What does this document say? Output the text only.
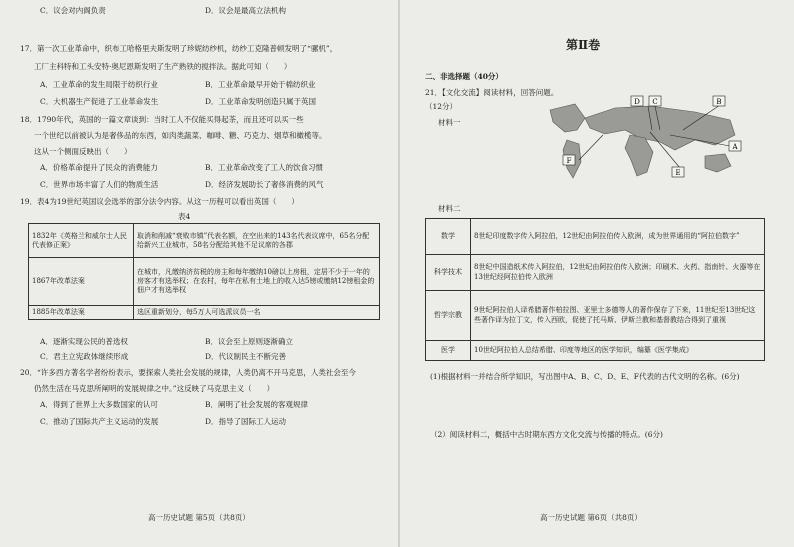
C．议会对内阁负责	D．议会是最高立法机构
17．第一次工业革命中，织布工哈格里夫斯发明了珍妮纺纱机，纺纱工克隆普顿发明了“骡机”，
工厂主科特和工头安特·奥尼恩斯发明了生产熟铁的搅拌法。据此可知（　　）
A．工业革命的发生局限于纺织行业	B．工业革命最早开始于棉纺织业
C．大机器生产促进了工业革命发生	D．工业革命发明创造只属于英国
18．1790年代，英国的一篇文章谈到：当时工人不仅能买得起茶，而且还可以买一些
一个世纪以前被认为是奢侈品的东西，如肉类蔬菜、咖啡、糖、巧克力、烟草和橄榄等。
这从一个侧面反映出（　　）
A．价格革命提升了民众的消费能力	B．工业革命改变了工人的饮食习惯
C．世界市场丰富了人们的物质生活	D．经济发展助长了奢侈消费的风气
19．表4为19世纪英国议会选举的部分法令内容。从这一历程可以看出英国（　　）
表4
1832年《英格兰和威尔士人民代表修正案》	取消和削减“衰败市镇”代表名额，在空出来的143名代表议席中，65名分配给新兴工业城市，58名分配给其他不足议席的各郡
1867年改革法案	在城市，凡缴纳济贫税的房主和每年缴纳10磅以上房租，定居不少于一年的房客才有选举权；在农村，每年在私有土地上的收入达5镑或缴纳12镑租金的佃户才有选举权
1885年改革法案	选区重新划分，每5万人可选派议员一名
A．逐渐实现公民的普选权	B．议会至上原则逐渐确立
C．君主立宪政体继续形成	D．代议制民主不断完善
20．“许多西方著名学者纷纷表示，要探索人类社会发展的规律，人类仍离不开马克思，人类社会至今
仍然生活在马克思所阐明的发展规律之中。”这反映了马克思主义（　　）
A．得到了世界上大多数国家的认可	B．阐明了社会发展的客观规律
C．推动了国际共产主义运动的发展	D．指导了国际工人运动
高一历史试题 第5页（共8页）
第Ⅱ卷
二、非选择题（40分）
21．【文化交流】阅读材料，回答问题。
（12分）
材料一
D C	B
A
F
E
材料二
数学	8世纪印度数字传入阿拉伯，12世纪由阿拉伯传入欧洲，成为世界通用的“阿拉伯数字”
科学技术	8世纪中国造纸术传入阿拉伯，12世纪由阿拉伯传入欧洲；印刷术、火药、指南针、火器等在13世纪经阿拉伯传入欧洲
哲学宗教	9世纪阿拉伯人译希腊著作柏拉图、亚里士多德等人的著作保存了下来，11世纪至13世纪这些著作译为拉丁文，传入西欧，促使了托马斯、伊斯兰教和基督教结合得到了重视
医学	10世纪阿拉伯人总结希腊、印度等地区的医学知识，编纂《医学集成》
(1)根据材料一并结合所学知识，写出图中A、B、C、D、E、F代表的古代文明的名称。(6分)
（2）阅读材料二，概括中古时期东西方文化交流与传播的特点。(6分)
高一历史试题 第6页（共8页）
